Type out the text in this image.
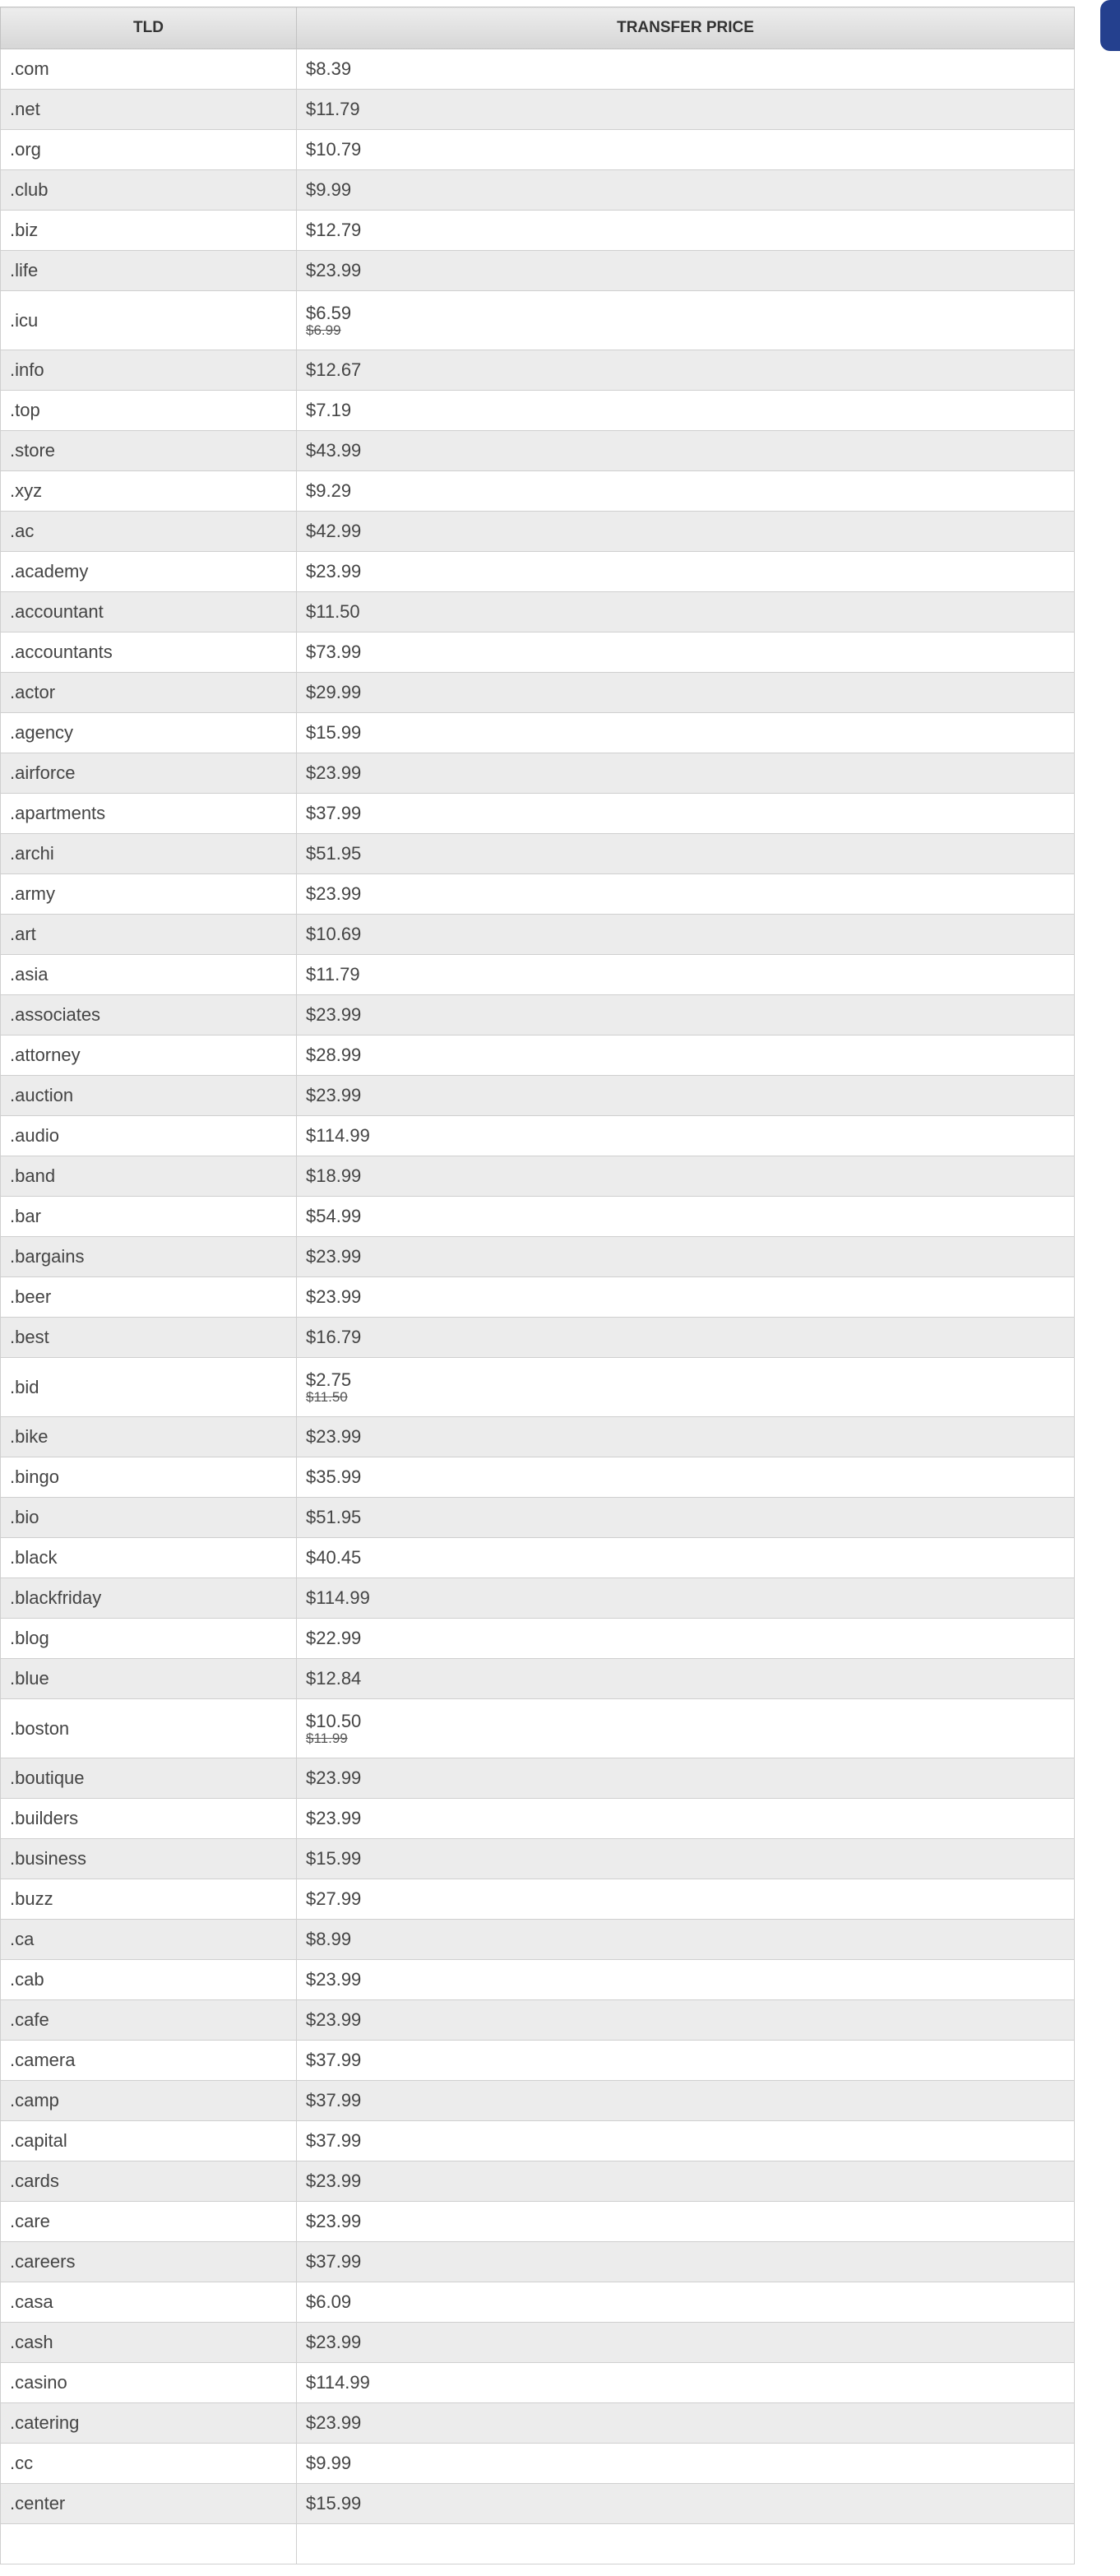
TLD	TRANSFER PRICE
.com	$8.39

.net	$11.79

.org	$10.79

.club	$9.99

.biz	$12.79

.life	$23.99

.icu	$6.59
$6.99

.info	$12.67

.top	$7.19

.store	$43.99

.xyz	$9.29

.ac	$42.99

.academy	$23.99

.accountant	$11.50

.accountants	$73.99

.actor	$29.99

.agency	$15.99

.airforce	$23.99

.apartments	$37.99

.archi	$51.95

.army	$23.99

.art	$10.69

.asia	$11.79

.associates	$23.99

.attorney	$28.99

.auction	$23.99

.audio	$114.99

.band	$18.99

.bar	$54.99

.bargains	$23.99

.beer	$23.99

.best	$16.79

.bid	$2.75
$11.50

.bike	$23.99

.bingo	$35.99

.bio	$51.95

.black	$40.45

.blackfriday	$114.99

.blog	$22.99

.blue	$12.84

.boston	$10.50
$11.99

.boutique	$23.99

.builders	$23.99

.business	$15.99

.buzz	$27.99

.ca	$8.99

.cab	$23.99

.cafe	$23.99

.camera	$37.99

.camp	$37.99

.capital	$37.99

.cards	$23.99

.care	$23.99

.careers	$37.99

.casa	$6.09

.cash	$23.99

.casino	$114.99

.catering	$23.99

.cc	$9.99

.center	$15.99
